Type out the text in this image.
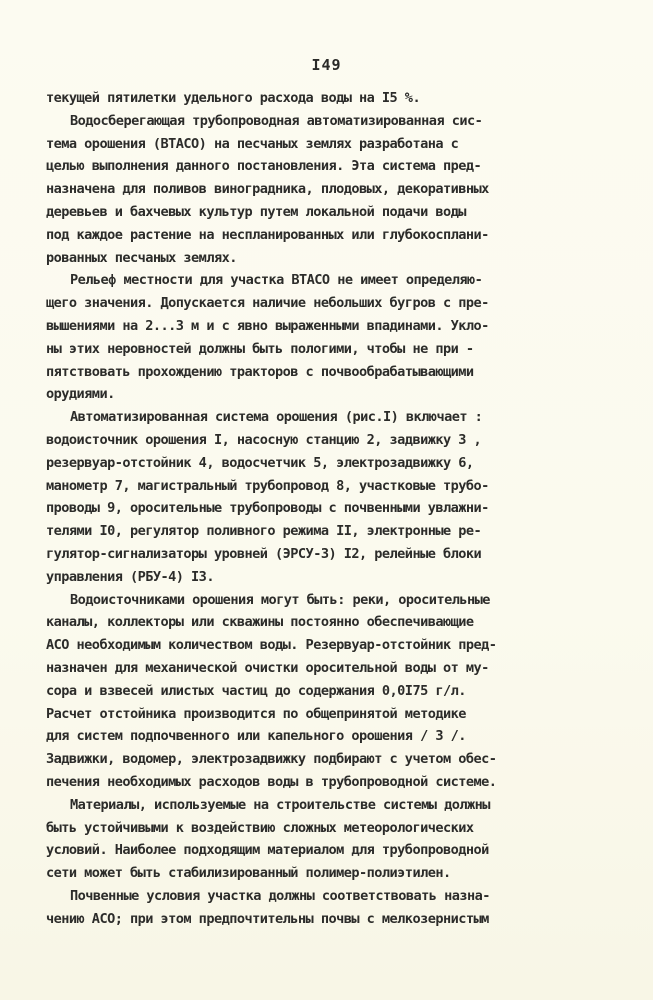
I49
текущей пятилетки удельного расхода воды на I5 %.
Водосберегающая трубопроводная автоматизированная сис-
тема орошения (ВТАСО) на песчаных землях разработана с
целью выполнения данного постановления. Эта система пред-
назначена для поливов виноградника, плодовых, декоративных
деревьев и бахчевых культур путем локальной подачи воды
под каждое растение на неспланированных или глубокосплани-
рованных песчаных землях.
Рельеф местности для участка ВТАСО не имеет определяю-
щего значения. Допускается наличие небольших бугров с пре-
вышениями на 2...3 м и с явно выраженными впадинами. Укло-
ны этих неровностей должны быть пологими, чтобы не при -
пятствовать прохождению тракторов с почвообрабатывающими
орудиями.
Автоматизированная система орошения (рис.I) включает :
водоисточник орошения I, насосную станцию 2, задвижку 3 ,
резервуар-отстойник 4, водосчетчик 5, электрозадвижку 6,
манометр 7, магистральный трубопровод 8, участковые трубо-
проводы 9, оросительные трубопроводы с почвенными увлажни-
телями I0, регулятор поливного режима II, электронные ре-
гулятор-сигнализаторы уровней (ЭРСУ-3) I2, релейные блоки
управления (РБУ-4) I3.
Водоисточниками орошения могут быть: реки, оросительные
каналы, коллекторы или скважины постоянно обеспечивающие
АСО необходимым количеством воды. Резервуар-отстойник пред-
назначен для механической очистки оросительной воды от му-
сора и взвесей илистых частиц до содержания 0,0I75 г/л.
Расчет отстойника производится по общепринятой методике
для систем подпочвенного или капельного орошения / 3 /.
Задвижки, водомер, электрозадвижку подбирают с учетом обес-
печения необходимых расходов воды в трубопроводной системе.
Материалы, используемые на строительстве системы должны
быть устойчивыми к воздействию сложных метеорологических
условий. Наиболее подходящим материалом для трубопроводной
сети может быть стабилизированный полимер-полиэтилен.
Почвенные условия участка должны соответствовать назна-
чению АСО; при этом предпочтительны почвы с мелкозернистым
